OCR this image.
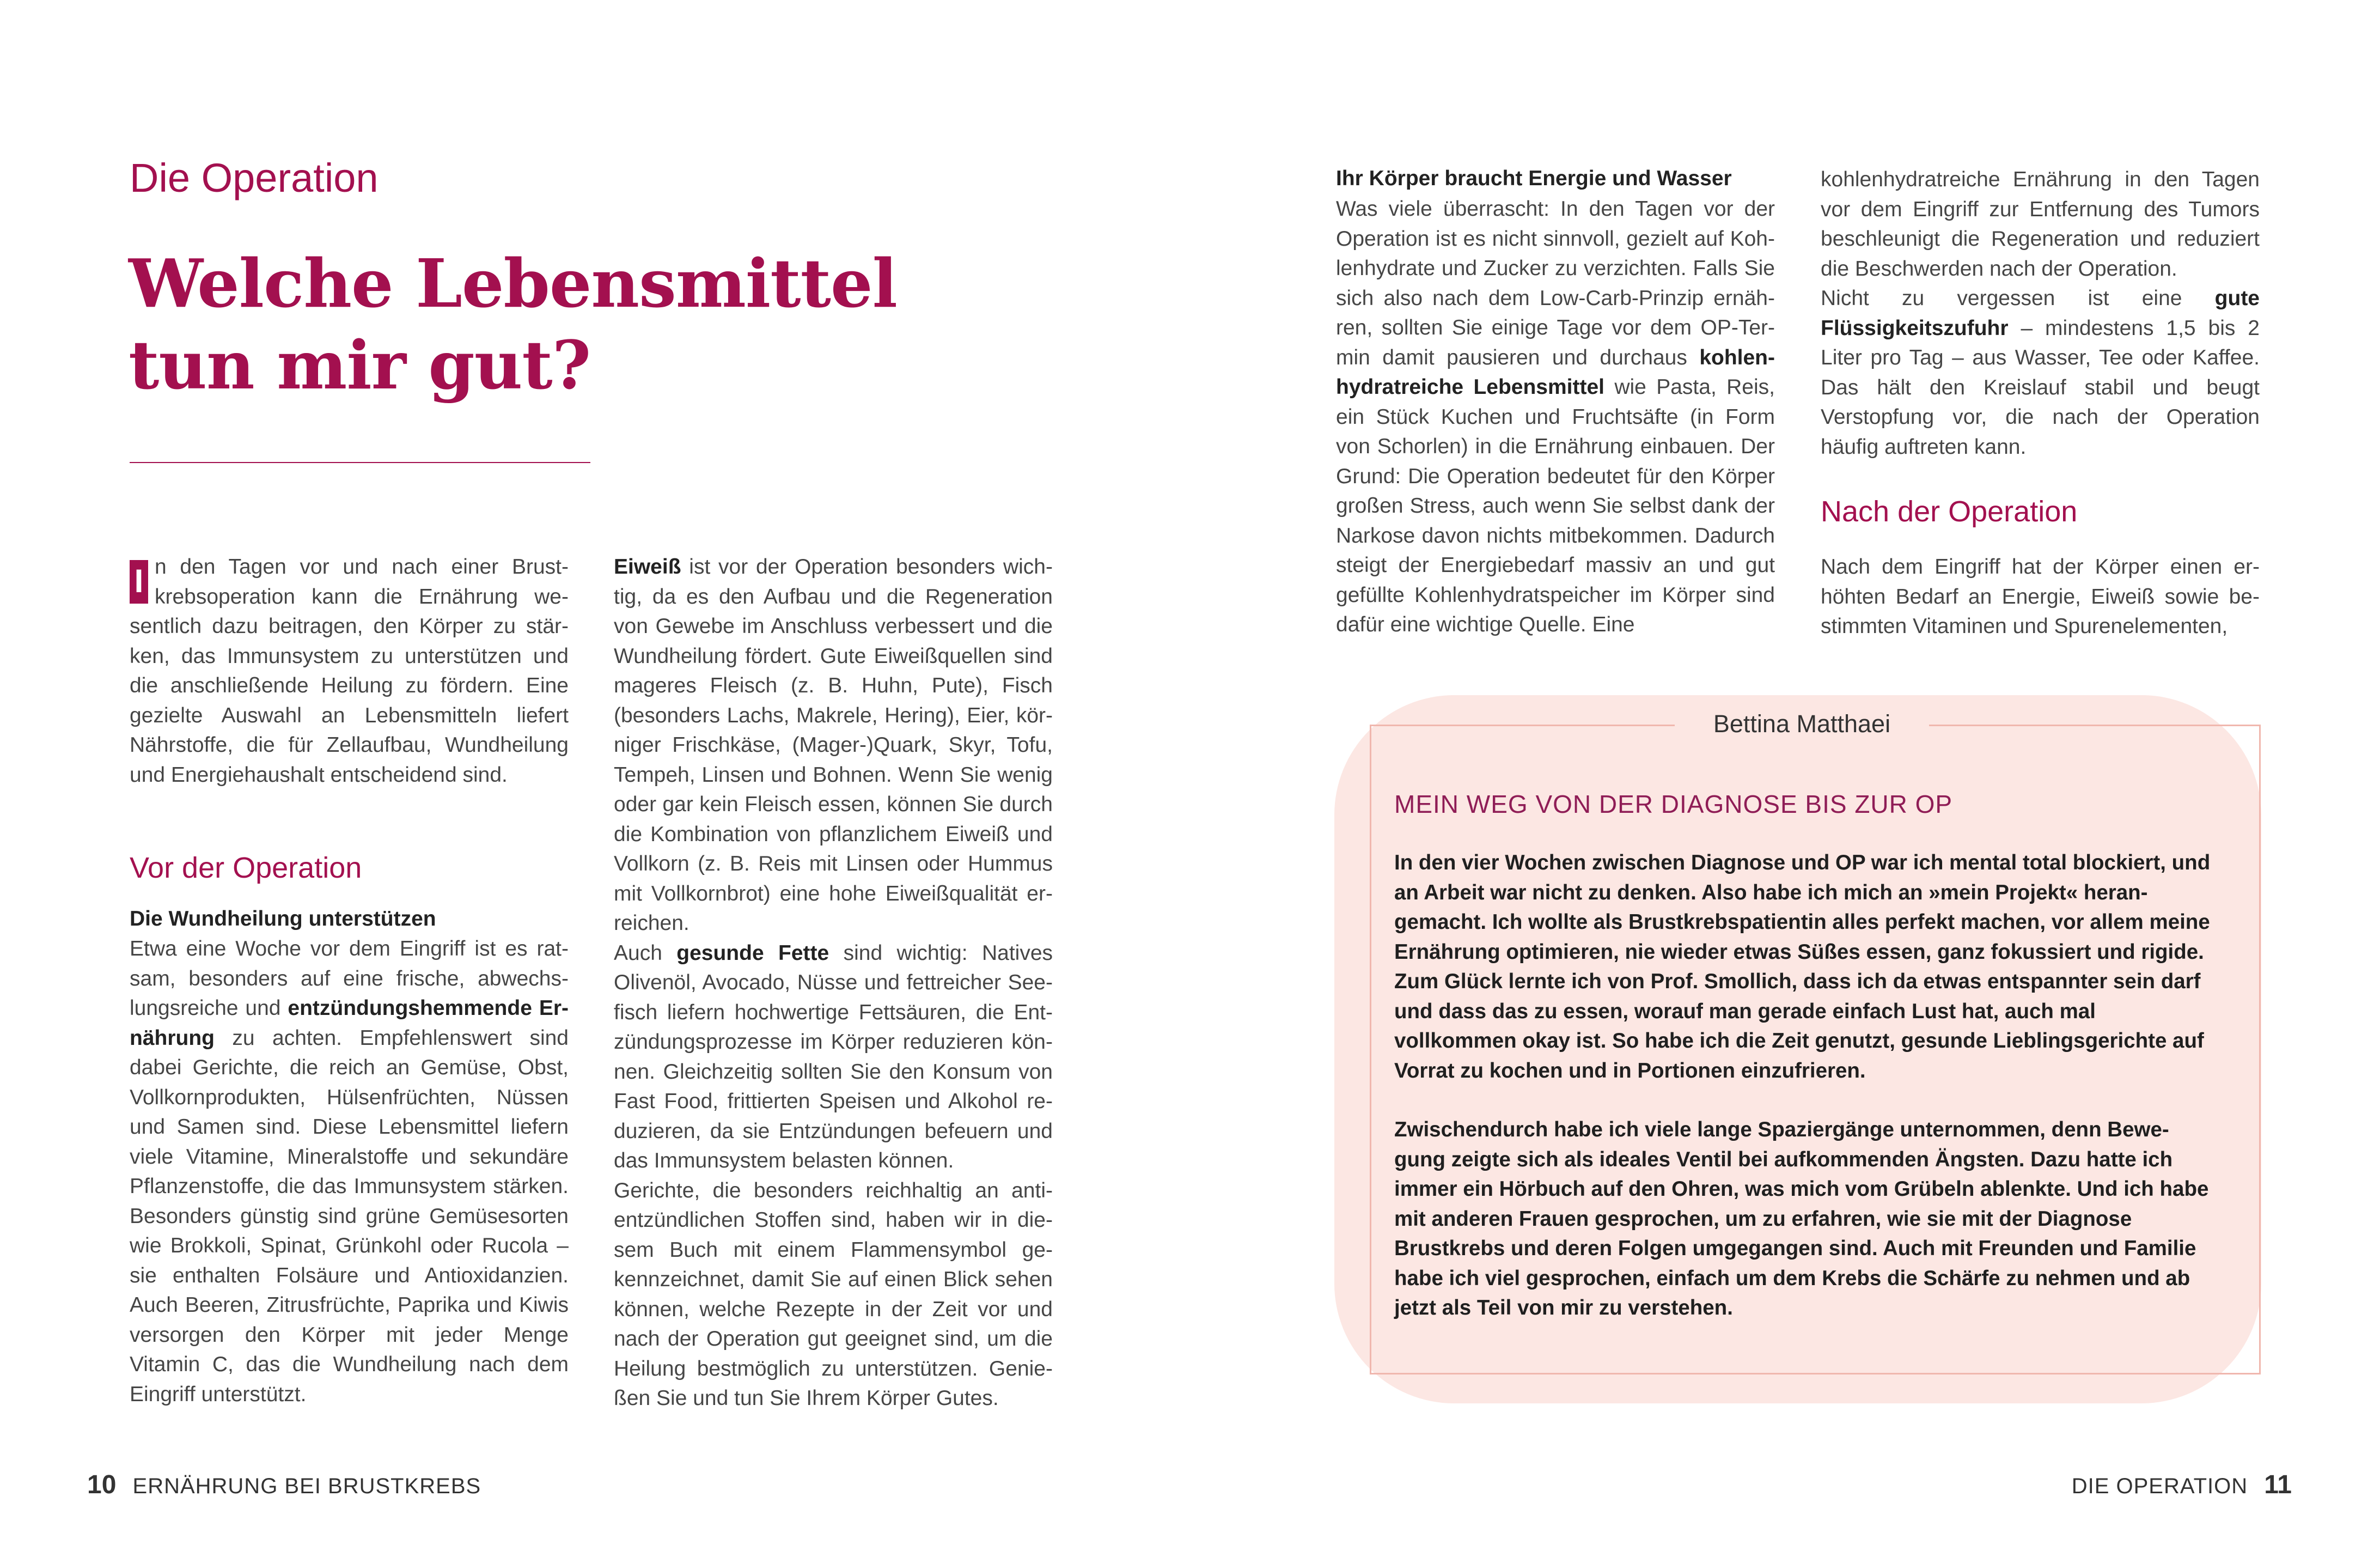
Die Operation
Welche Lebensmittel
tun mir gut?

I n den Tagen vor und nach einer Brustkrebsoperation kann die Ernährung wesentlich dazu beitragen, den Körper zu stärken, das Immunsystem zu unterstützen und die anschließende Heilung zu fördern. Eine gezielte Auswahl an Lebensmitteln liefert Nährstoffe, die für Zellaufbau, Wundheilung und Energiehaushalt entscheidend sind.

Vor der Operation
Die Wundheilung unterstützen

Etwa eine Woche vor dem Eingriff ist es ratsam, besonders auf eine frische, abwechslungsreiche und entzündungshemmende Ernährung zu achten. Empfehlenswert sind dabei Gerichte, die reich an Gemüse, Obst, Vollkornprodukten, Hülsenfrüchten, Nüssen und Samen sind. Diese Lebensmittel liefern viele Vitamine, Mineralstoffe und sekundäre Pflanzenstoffe, die das Immunsystem stärken. Besonders günstig sind grüne Gemüsesorten wie Brokkoli, Spinat, Grünkohl oder Rucola – sie enthalten Folsäure und Antioxidanzien. Auch Beeren, Zitrusfrüchte, Paprika und Kiwis versorgen den Körper mit jeder Menge Vitamin C, das die Wundheilung nach dem Eingriff unterstützt.

Eiweiß ist vor der Operation besonders wichtig, da es den Aufbau und die Regeneration von Gewebe im Anschluss verbessert und die Wundheilung fördert. Gute Eiweißquellen sind mageres Fleisch (z. B. Huhn, Pute), Fisch (besonders Lachs, Makrele, Hering), Eier, körniger Frischkäse, (Mager-)Quark, Skyr, Tofu, Tempeh, Linsen und Bohnen. Wenn Sie wenig oder gar kein Fleisch essen, können Sie durch die Kombination von pflanzlichem Eiweiß und Vollkorn (z. B. Reis mit Linsen oder Hummus mit Vollkornbrot) eine hohe Eiweißqualität erreichen.

Auch gesunde Fette sind wichtig: Natives Olivenöl, Avocado, Nüsse und fettreicher Seefisch liefern hochwertige Fettsäuren, die Entzündungsprozesse im Körper reduzieren können. Gleichzeitig sollten Sie den Konsum von Fast Food, frittierten Speisen und Alkohol reduzieren, da sie Entzündungen befeuern und das Immunsystem belasten können.

Gerichte, die besonders reichhaltig an antientzündlichen Stoffen sind, haben wir in diesem Buch mit einem Flammensymbol gekennzeichnet, damit Sie auf einen Blick sehen können, welche Rezepte in der Zeit vor und nach der Operation gut geeignet sind, um die Heilung bestmöglich zu unterstützen. Genießen Sie und tun Sie Ihrem Körper Gutes.

10 ERNÄHRUNG BEI BRUSTKREBS
Ihr Körper braucht Energie und Wasser

Was viele überrascht: In den Tagen vor der Operation ist es nicht sinnvoll, gezielt auf Kohlenhydrate und Zucker zu verzichten. Falls Sie sich also nach dem Low-Carb-Prinzip ernähren, sollten Sie einige Tage vor dem OP-Termin damit pausieren und durchaus kohlenhydratreiche Lebensmittel wie Pasta, Reis, ein Stück Kuchen und Fruchtsäfte (in Form von Schorlen) in die Ernährung einbauen. Der Grund: Die Operation bedeutet für den Körper großen Stress, auch wenn Sie selbst dank der Narkose davon nichts mitbekommen. Dadurch steigt der Energiebedarf massiv an und gut gefüllte Kohlenhydratspeicher im Körper sind dafür eine wichtige Quelle. Eine

kohlenhydratreiche Ernährung in den Tagen vor dem Eingriff zur Entfernung des Tumors beschleunigt die Regeneration und reduziert die Beschwerden nach der Operation.

Nicht zu vergessen ist eine gute Flüssigkeitszufuhr – mindestens 1,5 bis 2 Liter pro Tag – aus Wasser, Tee oder Kaffee. Das hält den Kreislauf stabil und beugt Verstopfung vor, die nach der Operation häufig auftreten kann.

Nach der Operation

Nach dem Eingriff hat der Körper einen erhöhten Bedarf an Energie, Eiweiß sowie bestimmten Vitaminen und Spurenelementen,

Bettina Matthaei
MEIN WEG VON DER DIAGNOSE BIS ZUR OP

In den vier Wochen zwischen Diagnose und OP war ich mental total blockiert, und an Arbeit war nicht zu denken. Also habe ich mich an »mein Projekt« herangemacht. Ich wollte als Brustkrebspatientin alles perfekt machen, vor allem meine Ernährung optimieren, nie wieder etwas Süßes essen, ganz fokussiert und rigide. Zum Glück lernte ich von Prof. Smollich, dass ich da etwas entspannter sein darf und dass das zu essen, worauf man gerade einfach Lust hat, auch mal vollkommen okay ist. So habe ich die Zeit genutzt, gesunde Lieblingsgerichte auf Vorrat zu kochen und in Portionen einzufrieren.

Zwischendurch habe ich viele lange Spaziergänge unternommen, denn Bewegung zeigte sich als ideales Ventil bei aufkommenden Ängsten. Dazu hatte ich immer ein Hörbuch auf den Ohren, was mich vom Grübeln ablenkte. Und ich habe mit anderen Frauen gesprochen, um zu erfahren, wie sie mit der Diagnose Brustkrebs und deren Folgen umgegangen sind. Auch mit Freunden und Familie habe ich viel gesprochen, einfach um dem Krebs die Schärfe zu nehmen und ab jetzt als Teil von mir zu verstehen.

DIE OPERATION 11
